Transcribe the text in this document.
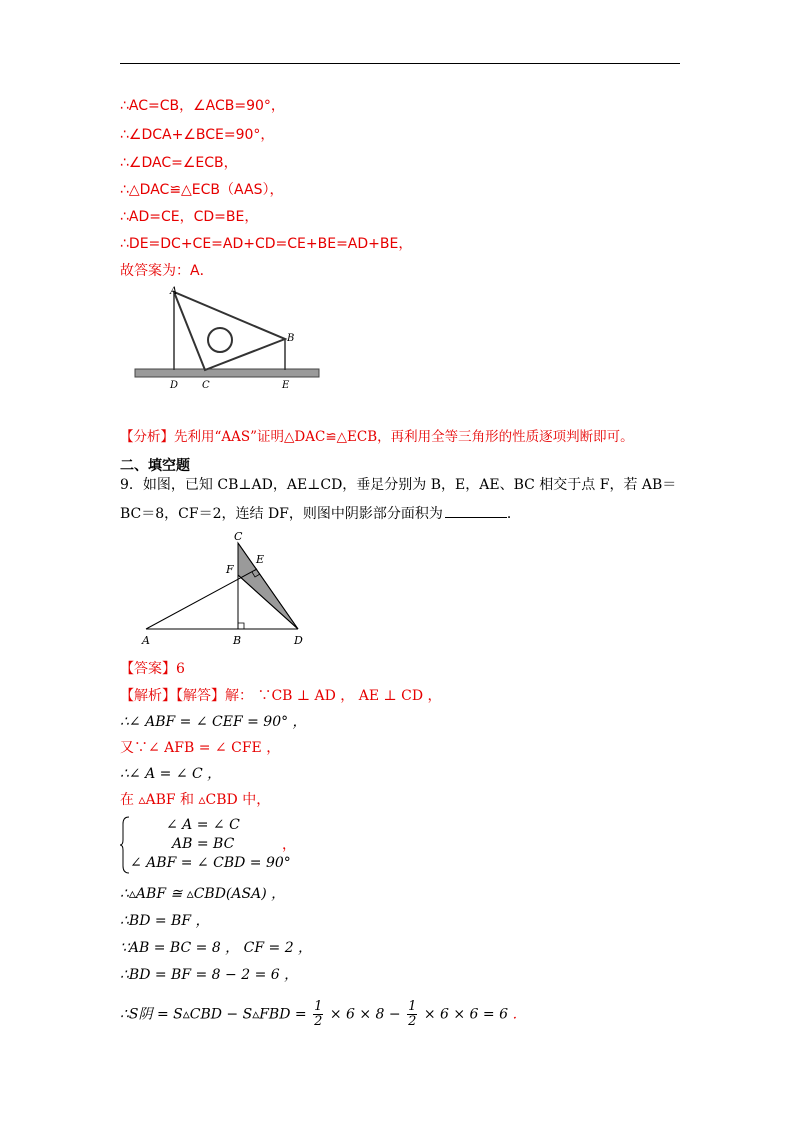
∴AC=CB，∠ACB=90°，
∴∠DCA+∠BCE=90°，
∴∠DAC=∠ECB，
∴△DAC≌△ECB（AAS），
∴AD=CE，CD=BE，
∴DE=DC+CE=AD+CD=CE+BE=AD+BE，
故答案为：A．
A
B
C
D	E
【分析】先利用“AAS”证明△DAC≌△ECB，再利用全等三角形的性质逐项判断即可。
二、填空题
9．如图，已知 CB⊥AD，AE⊥CD，垂足分别为 B，E，AE、BC 相交于点 F，若 AB＝
BC＝8，CF＝2，连结 DF，则图中阴影部分面积为	．
A	B
C
D
E
F
【答案】6
【解析】【解答】解： ∵CB ⊥ AD ， AE ⊥ CD ，
∴∠ ABF = ∠ CEF = 90° ，
又∵∠ AFB = ∠ CFE ，
∴∠ A = ∠ C ，
在 ▵ABF 和 ▵CBD 中，
∠ A = ∠ C
AB = BC
∠ ABF = ∠ CBD = 90°
，
∴▵ABF ≅ ▵CBD(ASA) ，
∴BD = BF ，
∵AB = BC = 8 ， CF = 2 ，
∴BD = BF = 8 − 2 = 6 ，
∴S阴 = S▵CBD − S▵FBD = $\frac{1}{2} \times 6 \times 8 - \frac{1}{2} \times 6 \times 6 = 6$ ．
